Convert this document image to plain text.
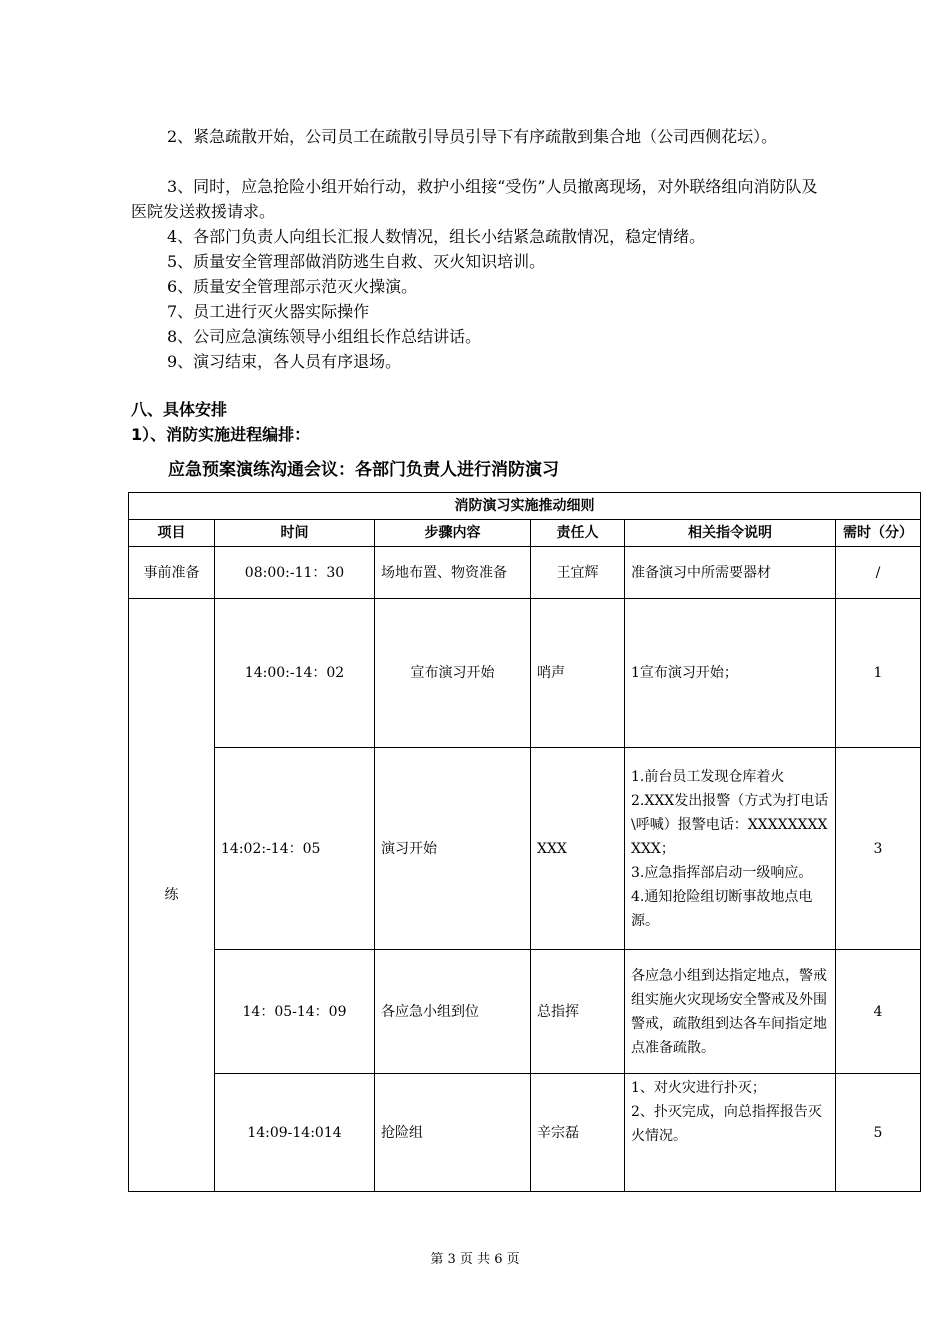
2、紧急疏散开始，公司员工在疏散引导员引导下有序疏散到集合地（公司西侧花坛）。
3、同时，应急抢险小组开始行动，救护小组接“受伤”人员撤离现场，对外联络组向消防队及医院发送救援请求。
4、各部门负责人向组长汇报人数情况，组长小结紧急疏散情况，稳定情绪。
5、质量安全管理部做消防逃生自救、灭火知识培训。
6、质量安全管理部示范灭火操演。
7、员工进行灭火器实际操作
8、公司应急演练领导小组组长作总结讲话。
9、演习结束，各人员有序退场。
八、具体安排
1）、消防实施进程编排：
应急预案演练沟通会议：各部门负责人进行消防演习
消防演习实施推动细则					
项目	时间	步骤内容	责任人	相关指令说明	需时（分）
事前准备	08:00:-11：30	场地布置、物资准备	王宜辉	准备演习中所需要器材	/
练	14:00:-14：02	宣布演习开始	哨声	1宣布演习开始；	1
	14:02:-14：05	演习开始	XXX	1.前台员工发现仓库着火
2.XXX发出报警（方式为打电话\呼喊）报警电话：XXXXXXXXXXX；
3.应急指挥部启动一级响应。
4.通知抢险组切断事故地点电源。	3
	14：05-14：09	各应急小组到位	总指挥	各应急小组到达指定地点，警戒组实施火灾现场安全警戒及外围警戒，疏散组到达各车间指定地点准备疏散。	4
	14:09-14:014	抢险组	辛宗磊	1、对火灾进行扑灭；
2、扑灭完成，向总指挥报告灭火情况。	5
第 3 页 共 6 页
